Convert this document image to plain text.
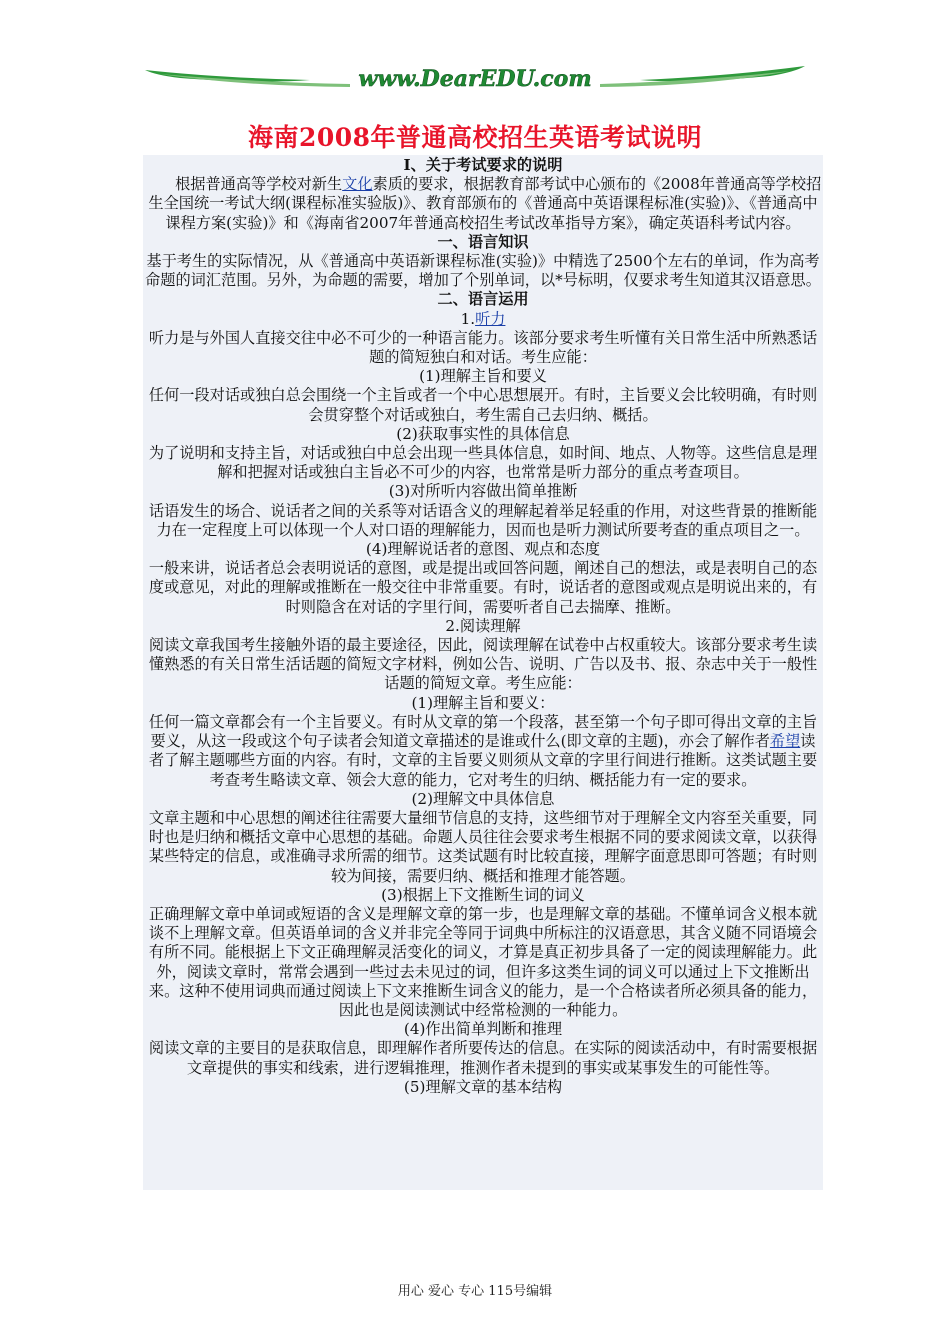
www.DearEDU.com
海南2008年普通高校招生英语考试说明

Ⅰ、关于考试要求的说明

　　根据普通高等学校对新生文化素质的要求，根据教育部考试中心颁布的《2008年普通高等学校招生全国统一考试大纲(课程标准实验版)》、教育部颁布的《普通高中英语课程标准(实验)》、《普通高中课程方案(实验)》和《海南省2007年普通高校招生考试改革指导方案》，确定英语科考试内容。

一、语言知识

基于考生的实际情况，从《普通高中英语新课程标准(实验)》中精选了2500个左右的单词，作为高考命题的词汇范围。另外，为命题的需要，增加了个别单词，以*号标明，仅要求考生知道其汉语意思。

二、语言运用

1.听力

听力是与外国人直接交往中必不可少的一种语言能力。该部分要求考生听懂有关日常生活中所熟悉话题的简短独白和对话。考生应能：

(1)理解主旨和要义

任何一段对话或独白总会围绕一个主旨或者一个中心思想展开。有时，主旨要义会比较明确，有时则会贯穿整个对话或独白，考生需自己去归纳、概括。

(2)获取事实性的具体信息

为了说明和支持主旨，对话或独白中总会出现一些具体信息，如时间、地点、人物等。这些信息是理解和把握对话或独白主旨必不可少的内容，也常常是听力部分的重点考查项目。

(3)对所听内容做出简单推断

话语发生的场合、说话者之间的关系等对话语含义的理解起着举足轻重的作用，对这些背景的推断能力在一定程度上可以体现一个人对口语的理解能力，因而也是听力测试所要考查的重点项目之一。

(4)理解说话者的意图、观点和态度

一般来讲，说话者总会表明说话的意图，或是提出或回答问题，阐述自己的想法，或是表明自己的态度或意见，对此的理解或推断在一般交往中非常重要。有时，说话者的意图或观点是明说出来的，有时则隐含在对话的字里行间，需要听者自己去揣摩、推断。

2.阅读理解

阅读文章我国考生接触外语的最主要途径，因此，阅读理解在试卷中占权重较大。该部分要求考生读懂熟悉的有关日常生活话题的简短文字材料，例如公告、说明、广告以及书、报、杂志中关于一般性话题的简短文章。考生应能：

(1)理解主旨和要义：

任何一篇文章都会有一个主旨要义。有时从文章的第一个段落，甚至第一个句子即可得出文章的主旨要义，从这一段或这个句子读者会知道文章描述的是谁或什么(即文章的主题)，亦会了解作者希望读者了解主题哪些方面的内容。有时，文章的主旨要义则须从文章的字里行间进行推断。这类试题主要考查考生略读文章、领会大意的能力，它对考生的归纳、概括能力有一定的要求。

(2)理解文中具体信息

文章主题和中心思想的阐述往往需要大量细节信息的支持，这些细节对于理解全文内容至关重要，同时也是归纳和概括文章中心思想的基础。命题人员往往会要求考生根据不同的要求阅读文章，以获得某些特定的信息，或准确寻求所需的细节。这类试题有时比较直接，理解字面意思即可答题；有时则较为间接，需要归纳、概括和推理才能答题。

(3)根据上下文推断生词的词义

正确理解文章中单词或短语的含义是理解文章的第一步，也是理解文章的基础。不懂单词含义根本就谈不上理解文章。但英语单词的含义并非完全等同于词典中所标注的汉语意思，其含义随不同语境会有所不同。能根据上下文正确理解灵活变化的词义，才算是真正初步具备了一定的阅读理解能力。此外，阅读文章时，常常会遇到一些过去未见过的词，但许多这类生词的词义可以通过上下文推断出来。这种不使用词典而通过阅读上下文来推断生词含义的能力，是一个合格读者所必须具备的能力，因此也是阅读测试中经常检测的一种能力。

(4)作出简单判断和推理

阅读文章的主要目的是获取信息，即理解作者所要传达的信息。在实际的阅读活动中，有时需要根据文章提供的事实和线索，进行逻辑推理，推测作者未提到的事实或某事发生的可能性等。

(5)理解文章的基本结构

用心 爱心 专心 115号编辑
